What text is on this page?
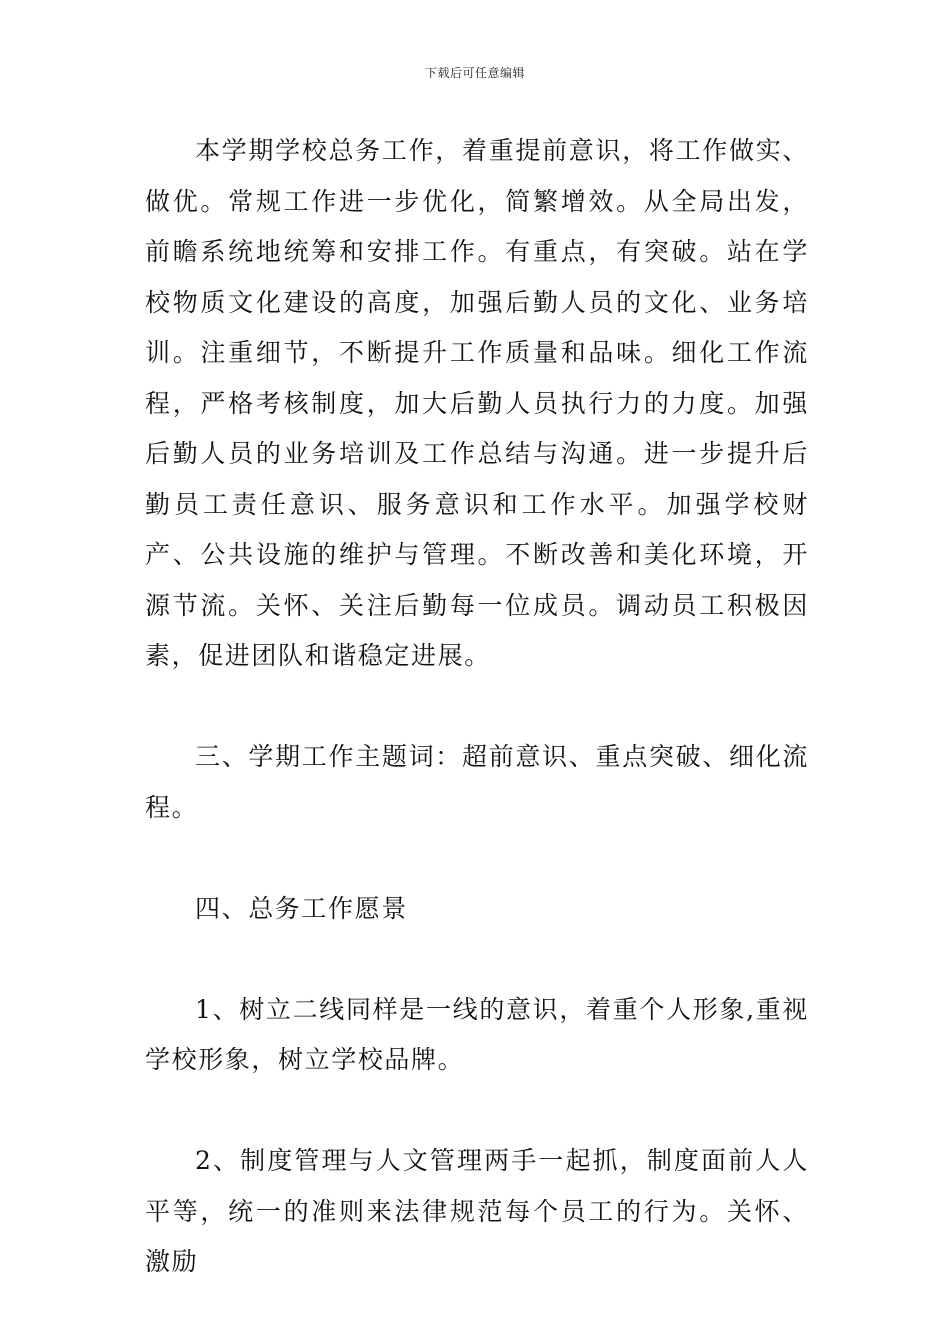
下载后可任意编辑

本学期学校总务工作，着重提前意识，将工作做实、做优。常规工作进一步优化，简繁增效。从全局出发，前瞻系统地统筹和安排工作。有重点，有突破。站在学校物质文化建设的高度，加强后勤人员的文化、业务培训。注重细节，不断提升工作质量和品味。细化工作流程，严格考核制度，加大后勤人员执行力的力度。加强后勤人员的业务培训及工作总结与沟通。进一步提升后勤员工责任意识、服务意识和工作水平。加强学校财产、公共设施的维护与管理。不断改善和美化环境，开源节流。关怀、关注后勤每一位成员。调动员工积极因素，促进团队和谐稳定进展。

三、学期工作主题词：超前意识、重点突破、细化流程。

四、总务工作愿景

1、树立二线同样是一线的意识，着重个人形象,重视学校形象，树立学校品牌。

2、制度管理与人文管理两手一起抓，制度面前人人平等，统一的准则来法律规范每个员工的行为。关怀、激励
